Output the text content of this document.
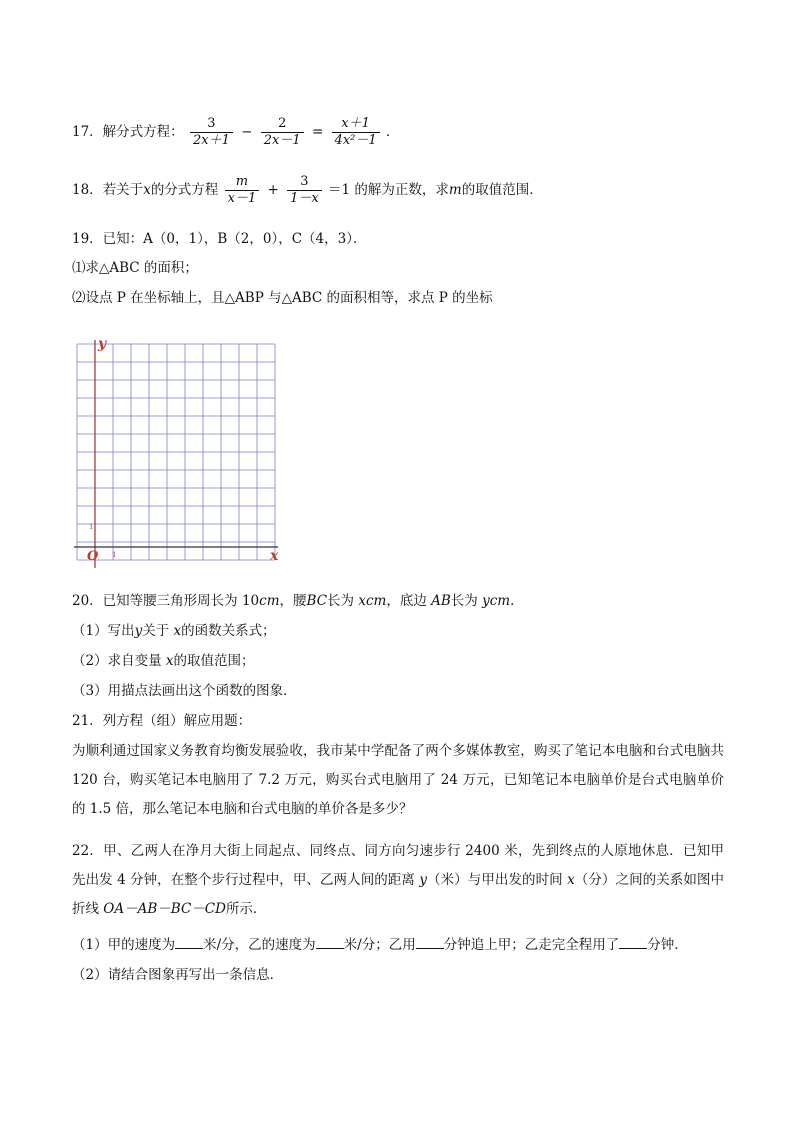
17．解分式方程： $\frac{3}{2x+1} - \frac{2}{2x-1} = \frac{x+1}{\text{4x²－1}}$ ．
18．若关于x的分式方程 $\frac{m}{x-1} + \frac{3}{1-x} =1$ 的解为正数，求m的取值范围．
19．已知：A（0，1），B（2，0），C（4，3）．
⑴求△ABC 的面积；
⑵设点 P 在坐标轴上，且△ABP 与△ABC 的面积相等，求点 P 的坐标
y
x
O
1
1
20．已知等腰三角形周长为 10cm，腰BC长为 xcm，底边 AB长为 ycm．
（1）写出y关于 x的函数关系式；
（2）求自变量 x的取值范围；
（3）用描点法画出这个函数的图象．
21．列方程（组）解应用题：
为顺利通过国家义务教育均衡发展验收，我市某中学配备了两个多媒体教室，购买了笔记本电脑和台式电脑共 120 台，购买笔记本电脑用了 7.2 万元，购买台式电脑用了 24 万元，已知笔记本电脑单价是台式电脑单价的 1.5 倍，那么笔记本电脑和台式电脑的单价各是多少？
22．甲、乙两人在净月大街上同起点、同终点、同方向匀速步行 2400 米，先到终点的人原地休息．已知甲先出发 4 分钟，在整个步行过程中，甲、乙两人间的距离 y（米）与甲出发的时间 x（分）之间的关系如图中折线 OA－AB－BC－CD所示．
（1）甲的速度为 米/分，乙的速度为 米/分；乙用 分钟追上甲；乙走完全程用了 分钟．
（2）请结合图象再写出一条信息．
